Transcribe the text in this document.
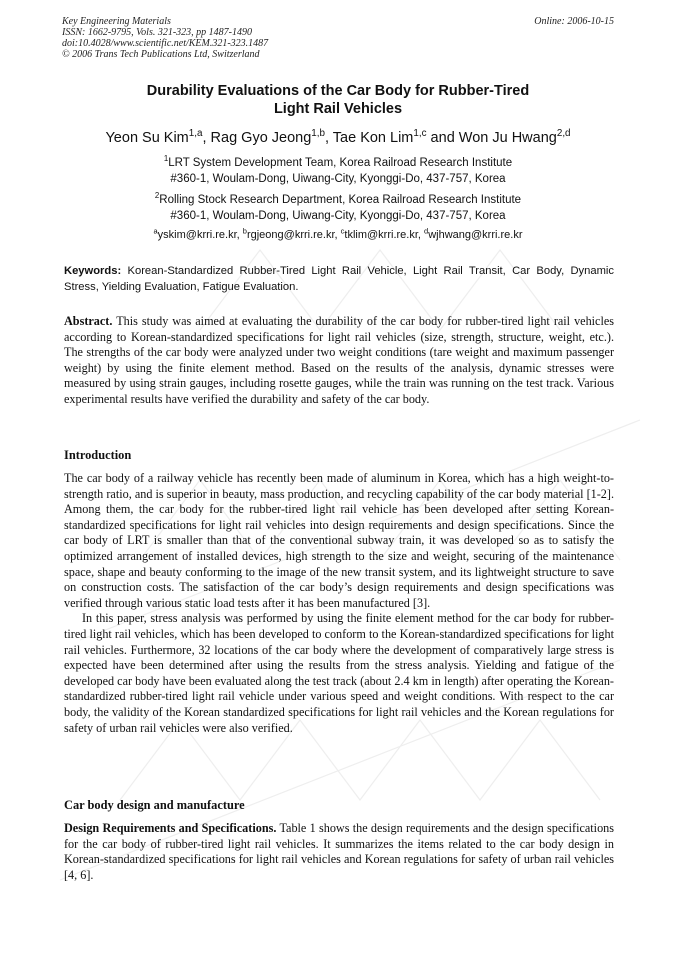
Key Engineering Materials
ISSN: 1662-9795, Vols. 321-323, pp 1487-1490
doi:10.4028/www.scientific.net/KEM.321-323.1487
© 2006 Trans Tech Publications Ltd, Switzerland
Online: 2006-10-15
Durability Evaluations of the Car Body for Rubber-Tired
Light Rail Vehicles
Yeon Su Kim$^{1,a}$, Rag Gyo Jeong$^{1,b}$, Tae Kon Lim$^{1,c}$ and Won Ju Hwang$^{2,d}$
$^1$LRT System Development Team, Korea Railroad Research Institute
#360-1, Woulam-Dong, Uiwang-City, Kyonggi-Do, 437-757, Korea
$^2$Rolling Stock Research Department, Korea Railroad Research Institute
#360-1, Woulam-Dong, Uiwang-City, Kyonggi-Do, 437-757, Korea
$^a$yskim@krri.re.kr, $^b$rgjeong@krri.re.kr, $^c$tklim@krri.re.kr, $^d$wjhwang@krri.re.kr
Keywords: Korean-Standardized Rubber-Tired Light Rail Vehicle, Light Rail Transit, Car Body, Dynamic Stress, Yielding Evaluation, Fatigue Evaluation.
Abstract. This study was aimed at evaluating the durability of the car body for rubber-tired light rail vehicles according to Korean-standardized specifications for light rail vehicles (size, strength, structure, weight, etc.). The strengths of the car body were analyzed under two weight conditions (tare weight and maximum passenger weight) by using the finite element method. Based on the results of the analysis, dynamic stresses were measured by using strain gauges, including rosette gauges, while the train was running on the test track. Various experimental results have verified the durability and safety of the car body.
Introduction
The car body of a railway vehicle has recently been made of aluminum in Korea, which has a high weight-to-strength ratio, and is superior in beauty, mass production, and recycling capability of the car body material [1-2]. Among them, the car body for the rubber-tired light rail vehicle has been developed after setting Korean-standardized specifications for light rail vehicles into design requirements and design specifications. Since the car body of LRT is smaller than that of the conventional subway train, it was developed so as to satisfy the optimized arrangement of installed devices, high strength to the size and weight, securing of the maintenance space, shape and beauty conforming to the image of the new transit system, and its lightweight structure to save on construction costs. The satisfaction of the car body’s design requirements and design specifications was verified through various static load tests after it has been manufactured [3].
In this paper, stress analysis was performed by using the finite element method for the car body for rubber-tired light rail vehicles, which has been developed to conform to the Korean-standardized specifications for light rail vehicles. Furthermore, 32 locations of the car body where the development of comparatively large stress is expected have been determined after using the results from the stress analysis. Yielding and fatigue of the developed car body have been evaluated along the test track (about 2.4 km in length) after operating the Korean-standardized rubber-tired light rail vehicle under various speed and weight conditions. With respect to the car body, the validity of the Korean standardized specifications for light rail vehicles and the Korean regulations for safety of urban rail vehicles were also verified.
Car body design and manufacture
Design Requirements and Specifications. Table 1 shows the design requirements and the design specifications for the car body of rubber-tired light rail vehicles. It summarizes the items related to the car body design in Korean-standardized specifications for light rail vehicles and Korean regulations for safety of urban rail vehicles [4, 6].
